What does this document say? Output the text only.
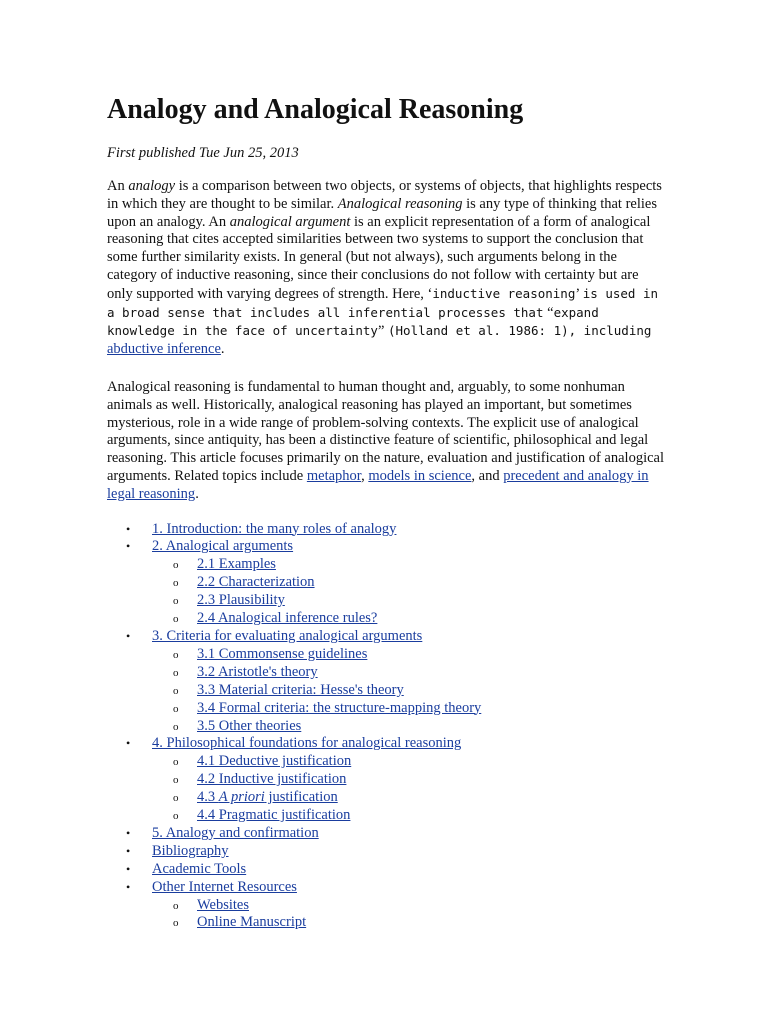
Analogy and Analogical Reasoning
First published Tue Jun 25, 2013

An analogy is a comparison between two objects, or systems of objects, that highlights respects in which they are thought to be similar. Analogical reasoning is any type of thinking that relies upon an analogy. An analogical argument is an explicit representation of a form of analogical reasoning that cites accepted similarities between two systems to support the conclusion that some further similarity exists. In general (but not always), such arguments belong in the category of inductive reasoning, since their conclusions do not follow with certainty but are only supported with varying degrees of strength. Here, ‘inductive reasoning’ is used in a broad sense that includes all inferential processes that “expand knowledge in the face of uncertainty” (Holland et al. 1986: 1), including abductive inference.

Analogical reasoning is fundamental to human thought and, arguably, to some nonhuman animals as well. Historically, analogical reasoning has played an important, but sometimes mysterious, role in a wide range of problem-solving contexts. The explicit use of analogical arguments, since antiquity, has been a distinctive feature of scientific, philosophical and legal reasoning. This article focuses primarily on the nature, evaluation and justification of analogical arguments. Related topics include metaphor, models in science, and precedent and analogy in legal reasoning.

• 1. Introduction: the many roles of analogy
• 2. Analogical arguments
o 2.1 Examples
o 2.2 Characterization
o 2.3 Plausibility
o 2.4 Analogical inference rules?
• 3. Criteria for evaluating analogical arguments
o 3.1 Commonsense guidelines
o 3.2 Aristotle's theory
o 3.3 Material criteria: Hesse's theory
o 3.4 Formal criteria: the structure-mapping theory
o 3.5 Other theories
• 4. Philosophical foundations for analogical reasoning
o 4.1 Deductive justification
o 4.2 Inductive justification
o 4.3 A priori justification
o 4.4 Pragmatic justification
• 5. Analogy and confirmation
• Bibliography
• Academic Tools
• Other Internet Resources
o Websites
o Online Manuscript
